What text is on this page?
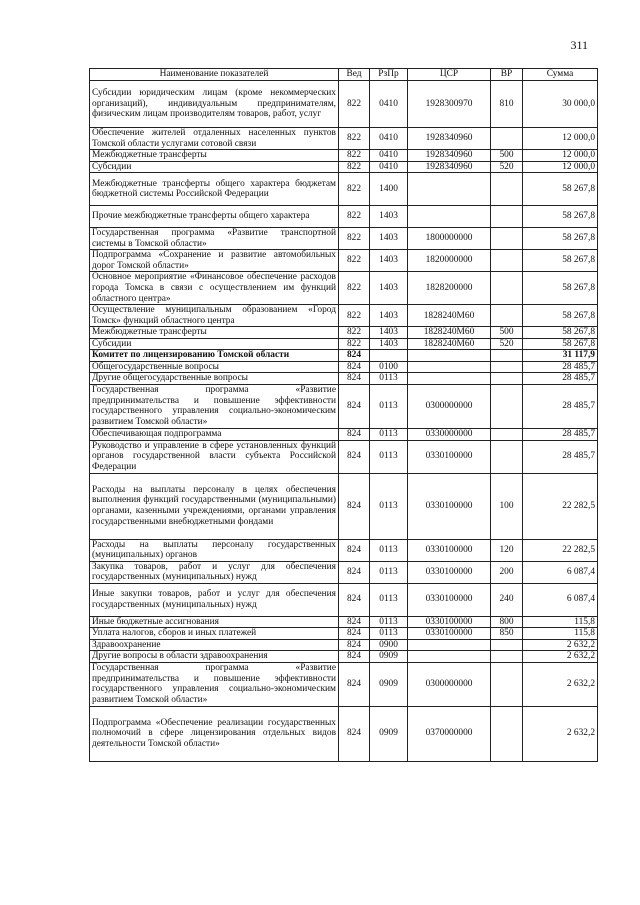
311
Наименование показателей	Вед	РзПр	ЦСР	ВР	Сумма
Субсидии юридическим лицам (кроме некоммерческих организаций), индивидуальным предпринимателям, физическим лицам производителям товаров, работ, услуг	822	0410	1928300970	810	30 000,0
Обеспечение жителей отдаленных населенных пунктов Томской области услугами сотовой связи	822	0410	1928340960		12 000,0
Межбюджетные трансферты	822	0410	1928340960	500	12 000,0
Субсидии	822	0410	1928340960	520	12 000,0
Межбюджетные трансферты общего характера бюджетам бюджетной системы Российской Федерации	822	1400			58 267,8
Прочие межбюджетные трансферты общего характера	822	1403			58 267,8
Государственная программа «Развитие транспортной системы в Томской области»	822	1403	1800000000		58 267,8
Подпрограмма «Сохранение и развитие автомобильных дорог Томской области»	822	1403	1820000000		58 267,8
Основное мероприятие «Финансовое обеспечение расходов города Томска в связи с осуществлением им функций областного центра»	822	1403	1828200000		58 267,8
Осуществление муниципальным образованием «Город Томск» функций областного центра	822	1403	1828240М60		58 267,8
Межбюджетные трансферты	822	1403	1828240М60	500	58 267,8
Субсидии	822	1403	1828240М60	520	58 267,8
Комитет по лицензированию Томской области	824				31 117,9
Общегосударственные вопросы	824	0100			28 485,7
Другие общегосударственные вопросы	824	0113			28 485,7
Государственная программа «Развитие предпринимательства и повышение эффективности государственного управления социально-экономическим развитием Томской области»	824	0113	0300000000		28 485,7
Обеспечивающая подпрограмма	824	0113	0330000000		28 485,7
Руководство и управление в сфере установленных функций органов государственной власти субъекта Российской Федерации	824	0113	0330100000		28 485,7
Расходы на выплаты персоналу в целях обеспечения выполнения функций государственными (муниципальными) органами, казенными учреждениями, органами управления государственными внебюджетными фондами	824	0113	0330100000	100	22 282,5
Расходы на выплаты персоналу государственных (муниципальных) органов	824	0113	0330100000	120	22 282,5
Закупка товаров, работ и услуг для обеспечения государственных (муниципальных) нужд	824	0113	0330100000	200	6 087,4
Иные закупки товаров, работ и услуг для обеспечения государственных (муниципальных) нужд	824	0113	0330100000	240	6 087,4
Иные бюджетные ассигнования	824	0113	0330100000	800	115,8
Уплата налогов, сборов и иных платежей	824	0113	0330100000	850	115,8
Здравоохранение	824	0900			2 632,2
Другие вопросы в области здравоохранения	824	0909			2 632,2
Государственная программа «Развитие предпринимательства и повышение эффективности государственного управления социально-экономическим развитием Томской области»	824	0909	0300000000		2 632,2
Подпрограмма «Обеспечение реализации государственных полномочий в сфере лицензирования отдельных видов деятельности Томской области»	824	0909	0370000000		2 632,2
